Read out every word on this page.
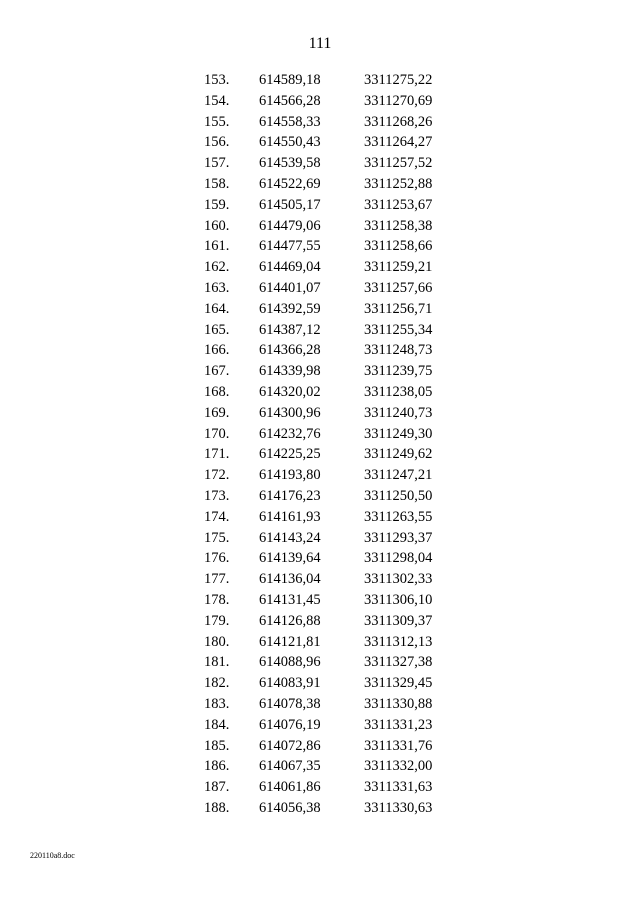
111
153. 614589,18	3311275,22
154. 614566,28	3311270,69
155. 614558,33	3311268,26
156. 614550,43	3311264,27
157. 614539,58	3311257,52
158. 614522,69	3311252,88
159. 614505,17	3311253,67
160. 614479,06	3311258,38
161. 614477,55	3311258,66
162. 614469,04	3311259,21
163. 614401,07	3311257,66
164. 614392,59	3311256,71
165. 614387,12	3311255,34
166. 614366,28	3311248,73
167. 614339,98	3311239,75
168. 614320,02	3311238,05
169. 614300,96	3311240,73
170. 614232,76	3311249,30
171. 614225,25	3311249,62
172. 614193,80	3311247,21
173. 614176,23	3311250,50
174. 614161,93	3311263,55
175. 614143,24	3311293,37
176. 614139,64	3311298,04
177. 614136,04	3311302,33
178. 614131,45	3311306,10
179. 614126,88	3311309,37
180. 614121,81	3311312,13
181. 614088,96	3311327,38
182. 614083,91	3311329,45
183. 614078,38	3311330,88
184. 614076,19	3311331,23
185. 614072,86	3311331,76
186. 614067,35	3311332,00
187. 614061,86	3311331,63
188. 614056,38	3311330,63
220110a8.doc
